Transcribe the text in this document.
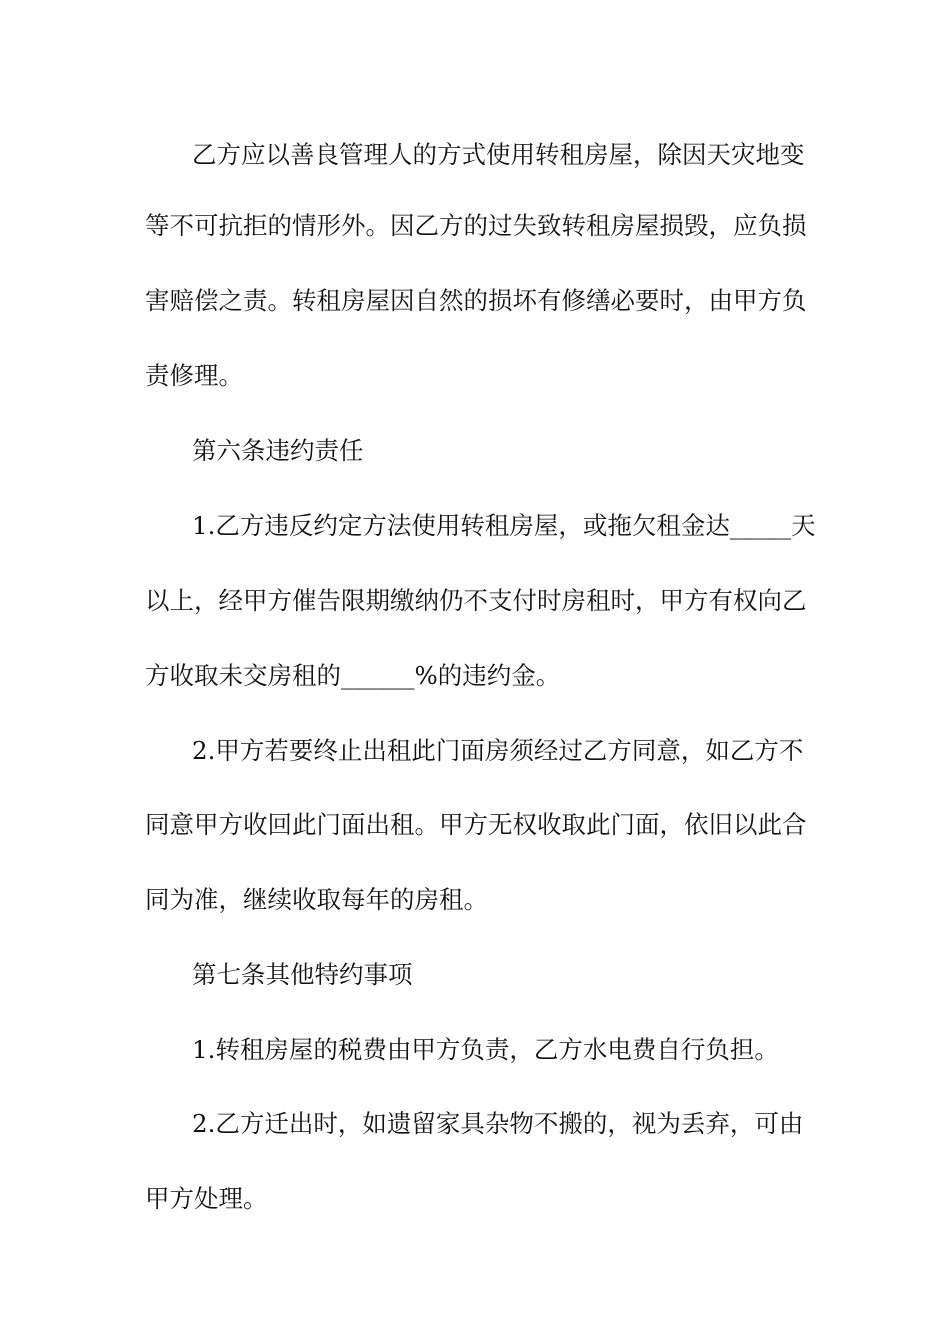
乙方应以善良管理人的方式使用转租房屋，除因天灾地变
等不可抗拒的情形外。因乙方的过失致转租房屋损毁，应负损
害赔偿之责。转租房屋因自然的损坏有修缮必要时，由甲方负
责修理。
第六条违约责任
1.乙方违反约定方法使用转租房屋，或拖欠租金达_____天
以上，经甲方催告限期缴纳仍不支付时房租时，甲方有权向乙
方收取未交房租的______%的违约金。
2.甲方若要终止出租此门面房须经过乙方同意，如乙方不
同意甲方收回此门面出租。甲方无权收取此门面，依旧以此合
同为准，继续收取每年的房租。
第七条其他特约事项
1.转租房屋的税费由甲方负责，乙方水电费自行负担。
2.乙方迁出时，如遗留家具杂物不搬的，视为丢弃，可由
甲方处理。
